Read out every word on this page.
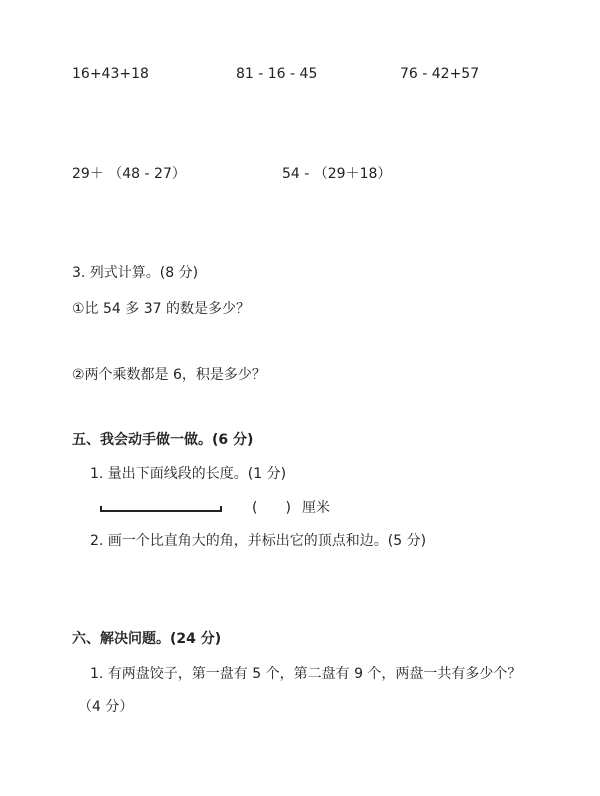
16+43+18	81 - 16 - 45	76 - 42+57
29＋ （48 - 27）	54 - （29＋18）
3. 列式计算。(8 分)
①比 54 多 37 的数是多少？
②两个乘数都是 6，积是多少？
五、我会动手做一做。(6 分)
1. 量出下面线段的长度。(1 分)
(　　) 厘米
2. 画一个比直角大的角，并标出它的顶点和边。(5 分)
六、解决问题。(24 分)
1. 有两盘饺子，第一盘有 5 个，第二盘有 9 个，两盘一共有多少个？
（4 分）
